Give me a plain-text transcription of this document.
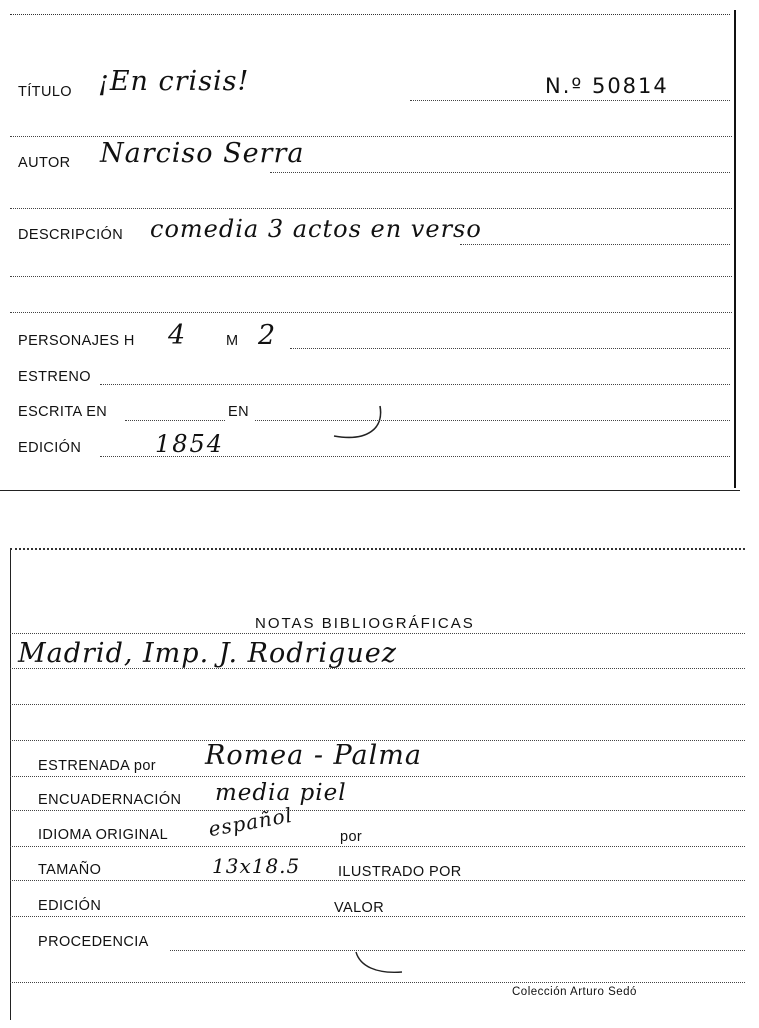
TÍTULO ¡En crisis!	N.º 50814
AUTOR Narciso Serra
DESCRIPCIÓN comedia 3 actos en verso
PERSONAJES H 4	M 2
ESTRENO
ESCRITA EN	EN
EDICIÓN	1854
NOTAS BIBLIOGRÁFICAS
Madrid, Imp. J. Rodriguez
ESTRENADA por Romea - Palma
ENCUADERNACIÓN media piel
IDIOMA ORIGINAL español	por
TAMAÑO	13x18.5	ILUSTRADO POR
EDICIÓN	VALOR
PROCEDENCIA
Colección Arturo Sedó
